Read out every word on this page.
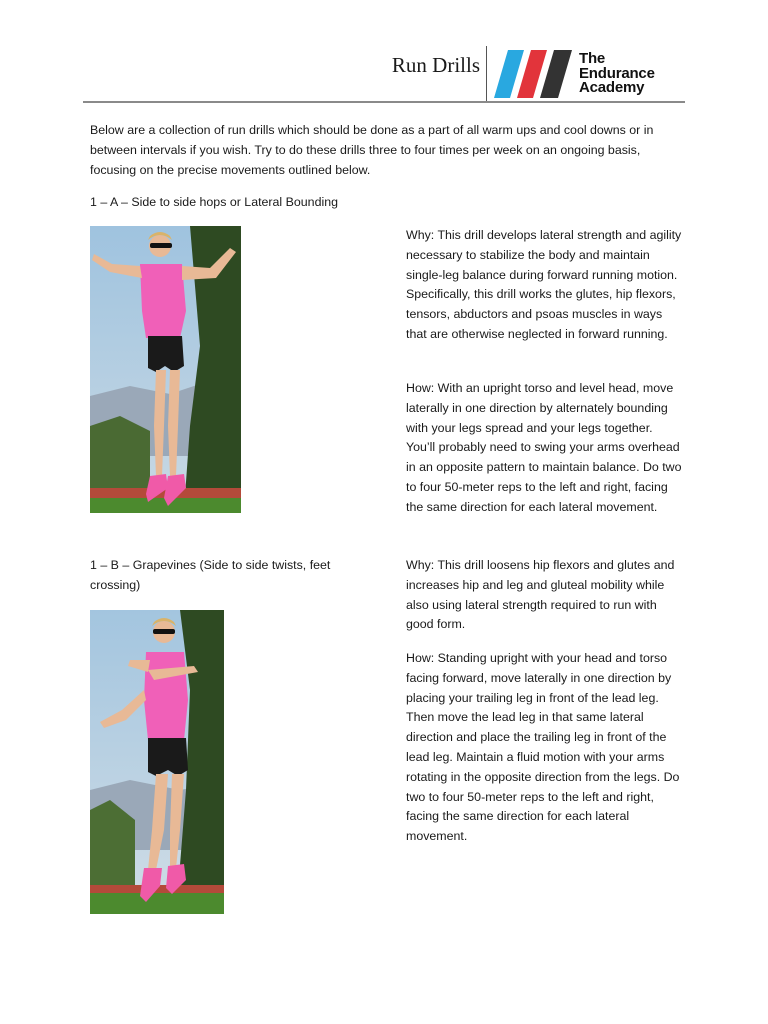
Run Drills	The
Endurance
Academy
Below are a collection of run drills which should be done as a part of all warm ups and cool downs or in between intervals if you wish. Try to do these drills three to four times per week on an ongoing basis, focusing on the precise movements outlined below.
1 – A – Side to side hops or Lateral Bounding
Why: This drill develops lateral strength and agility necessary to stabilize the body and maintain single-leg balance during forward running motion. Specifically, this drill works the glutes, hip flexors, tensors, abductors and psoas muscles in ways that are otherwise neglected in forward running.
How: With an upright torso and level head, move laterally in one direction by alternately bounding with your legs spread and your legs together. You’ll probably need to swing your arms overhead in an opposite pattern to maintain balance. Do two to four 50-meter reps to the left and right, facing the same direction for each lateral movement.
1 – B – Grapevines (Side to side twists, feet crossing)
Why: This drill loosens hip flexors and glutes and increases hip and leg and gluteal mobility while also using lateral strength required to run with good form.
How: Standing upright with your head and torso facing forward, move laterally in one direction by placing your trailing leg in front of the lead leg. Then move the lead leg in that same lateral direction and place the trailing leg in front of the lead leg. Maintain a fluid motion with your arms rotating in the opposite direction from the legs. Do two to four 50-meter reps to the left and right, facing the same direction for each lateral movement.
